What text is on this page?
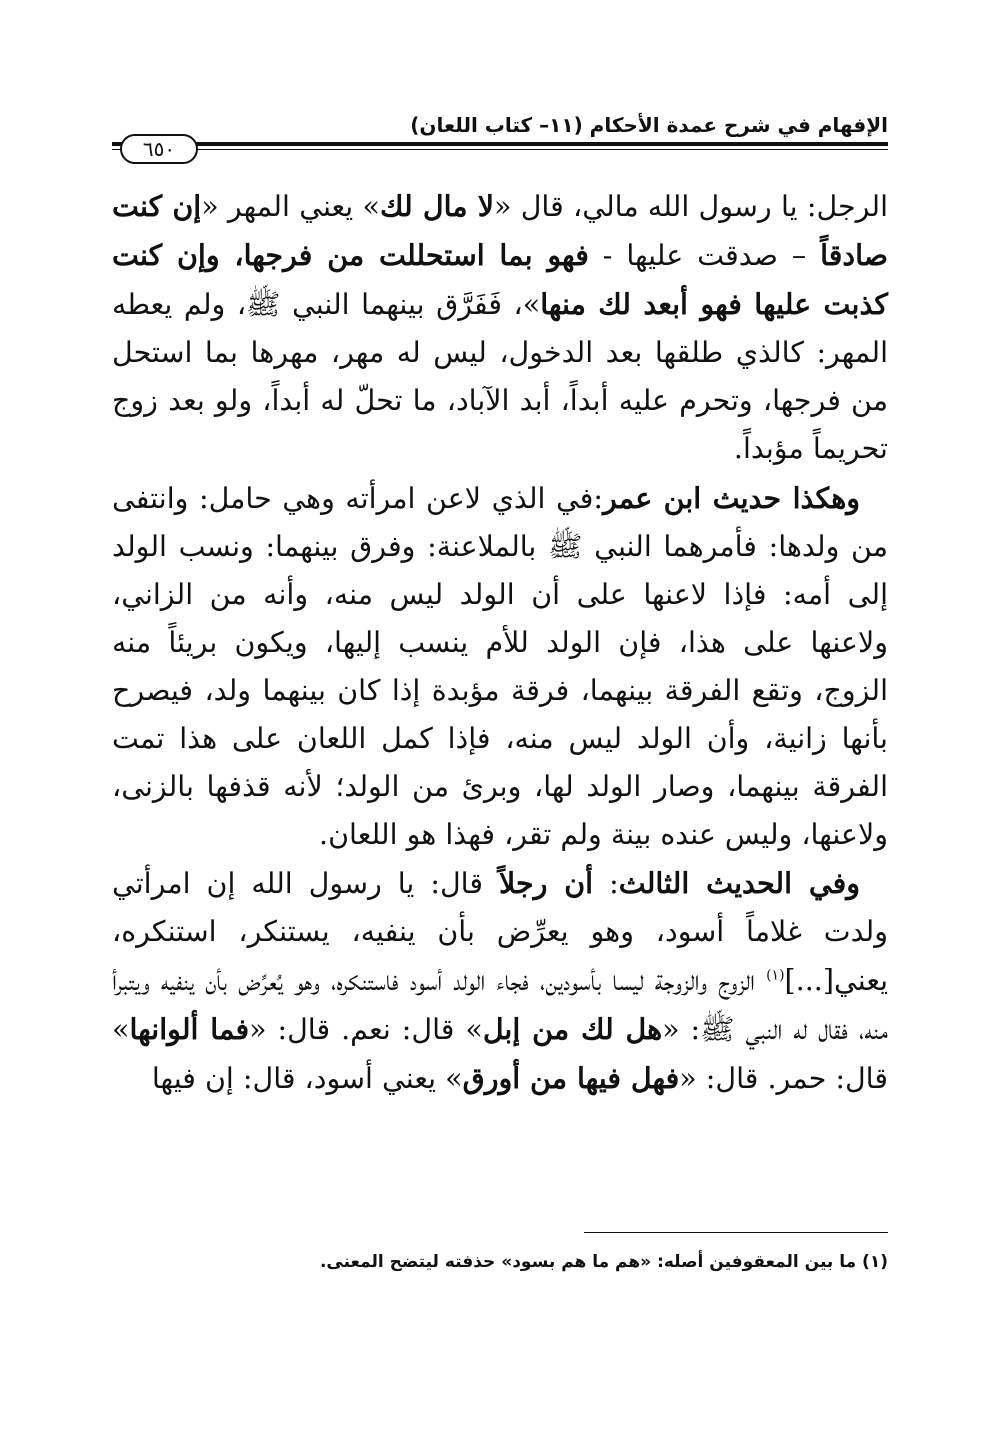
الإفهام في شرح عمدة الأحكام (١١– كتاب اللعان)
٦٥٠

الرجل: يا رسول الله مالي، قال «لا مال لك» يعني المهر «إن كنت صادقاً – صدقت عليها - فهو بما استحللت من فرجها، وإن كنت كذبت عليها فهو أبعد لك منها»، فَفَرَّق بينهما النبي ﷺ، ولم يعطه المهر: كالذي طلقها بعد الدخول، ليس له مهر، مهرها بما استحل من فرجها، وتحرم عليه أبداً، أبد الآباد، ما تحلّ له أبداً، ولو بعد زوج تحريماً مؤبداً.

وهكذا حديث ابن عمر:في الذي لاعن امرأته وهي حامل: وانتفى من ولدها: فأمرهما النبي ﷺ بالملاعنة: وفرق بينهما: ونسب الولد إلى أمه: فإذا لاعنها على أن الولد ليس منه، وأنه من الزاني، ولاعنها على هذا، فإن الولد للأم ينسب إليها، ويكون بريئاً منه الزوج، وتقع الفرقة بينهما، فرقة مؤبدة إذا كان بينهما ولد، فيصرح بأنها زانية، وأن الولد ليس منه، فإذا كمل اللعان على هذا تمت الفرقة بينهما، وصار الولد لها، وبرئ من الولد؛ لأنه قذفها بالزنى، ولاعنها، وليس عنده بينة ولم تقر، فهذا هو اللعان.

وفي الحديث الثالث: أن رجلاً قال: يا رسول الله إن امرأتي ولدت غلاماً أسود، وهو يعرِّض بأن ينفيه، يستنكر، استنكره، يعني[...]$^{(١)}$ الزوج والزوجة ليسا بأسودين، فجاء الولد أسود فاستنكره، وهو يُعرِّض بأن ينفيه ويتبرأ منه، فقال له النبي ﷺ: «هل لك من إبل» قال: نعم. قال: «فما ألوانها» قال: حمر. قال: «فهل فيها من أورق» يعني أسود، قال: إن فيها

(١) ما بين المعقوفين أصله: «هم ما هم بسود» حذفته ليتضح المعنى.
